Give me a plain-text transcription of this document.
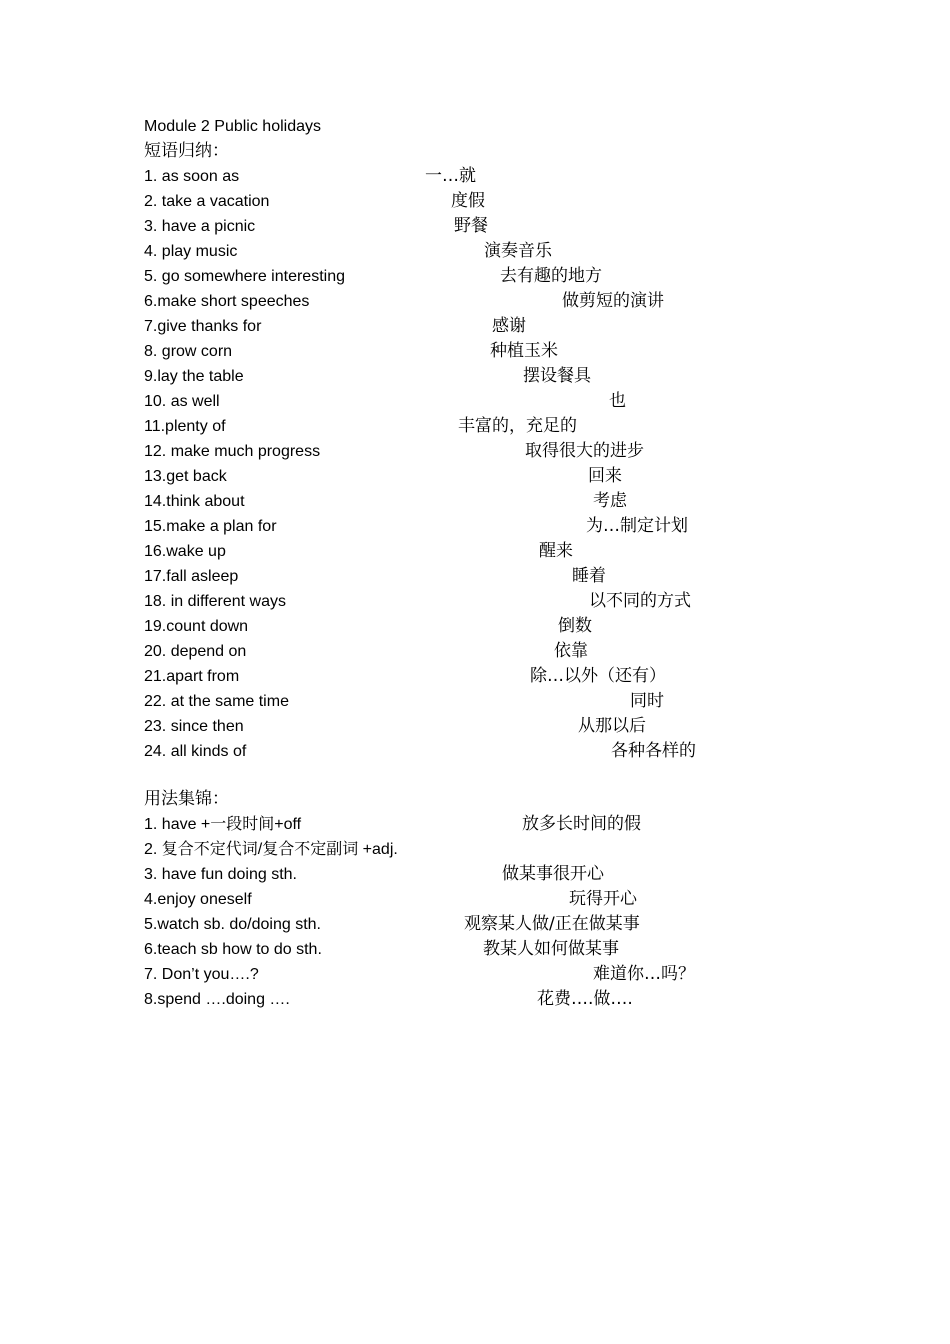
Module 2 Public holidays
短语归纳：
1. as soon as	一…就
2. take a vacation	度假
3. have a picnic	野餐
4. play music	演奏音乐
5. go somewhere interesting	去有趣的地方
6.make short speeches	做剪短的演讲
7.give thanks for	感谢
8. grow corn	种植玉米
9.lay the table	摆设餐具
10. as well	也
11.plenty of	丰富的，充足的
12. make much progress	取得很大的进步
13.get back	回来
14.think about	考虑
15.make a plan for	为…制定计划
16.wake up	醒来
17.fall asleep	睡着
18. in different ways	以不同的方式
19.count down	倒数
20. depend on	依靠
21.apart from	除…以外（还有）
22. at the same time	同时
23. since then	从那以后
24. all kinds of	各种各样的
用法集锦：
1. have +一段时间+off	放多长时间的假
2. 复合不定代词/复合不定副词 +adj.
3. have fun doing sth.	做某事很开心
4.enjoy oneself	玩得开心
5.watch sb. do/doing sth.	观察某人做/正在做某事
6.teach sb how to do sth.	教某人如何做某事
7. Don’t you….?	难道你…吗？
8.spend ….doing ….	花费….做….
